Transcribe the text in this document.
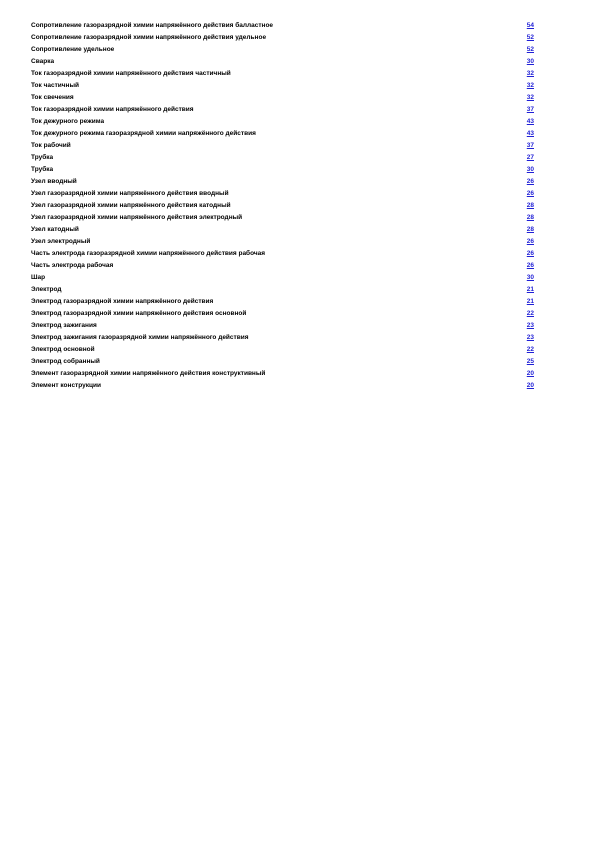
Сопротивление газоразрядной химии напряжённого действия балластное	54
Сопротивление газоразрядной химии напряжённого действия удельное	52
Сопротивление удельное	52
Сварка	30
Ток газоразрядной химии напряжённого действия частичный	32
Ток частичный	32
Ток свечения	32
Ток газоразрядной химии напряжённого действия	37
Ток дежурного режима	43
Ток дежурного режима газоразрядной химии напряжённого действия	43
Ток рабочий	37
Трубка	27
Трубка	30
Узел вводный	26
Узел газоразрядной химии напряжённого действия вводный	26
Узел газоразрядной химии напряжённого действия катодный	28
Узел газоразрядной химии напряжённого действия электродный	28
Узел катодный	28
Узел электродный	26
Часть электрода газоразрядной химии напряжённого действия рабочая	26
Часть электрода рабочая	26
Шар	30
Электрод	21
Электрод газоразрядной химии напряжённого действия	21
Электрод газоразрядной химии напряжённого действия основной	22
Электрод зажигания	23
Электрод зажигания газоразрядной химии напряжённого действия	23
Электрод основной	22
Электрод собранный	25
Элемент газоразрядной химии напряжённого действия конструктивный	20
Элемент конструкции	20
